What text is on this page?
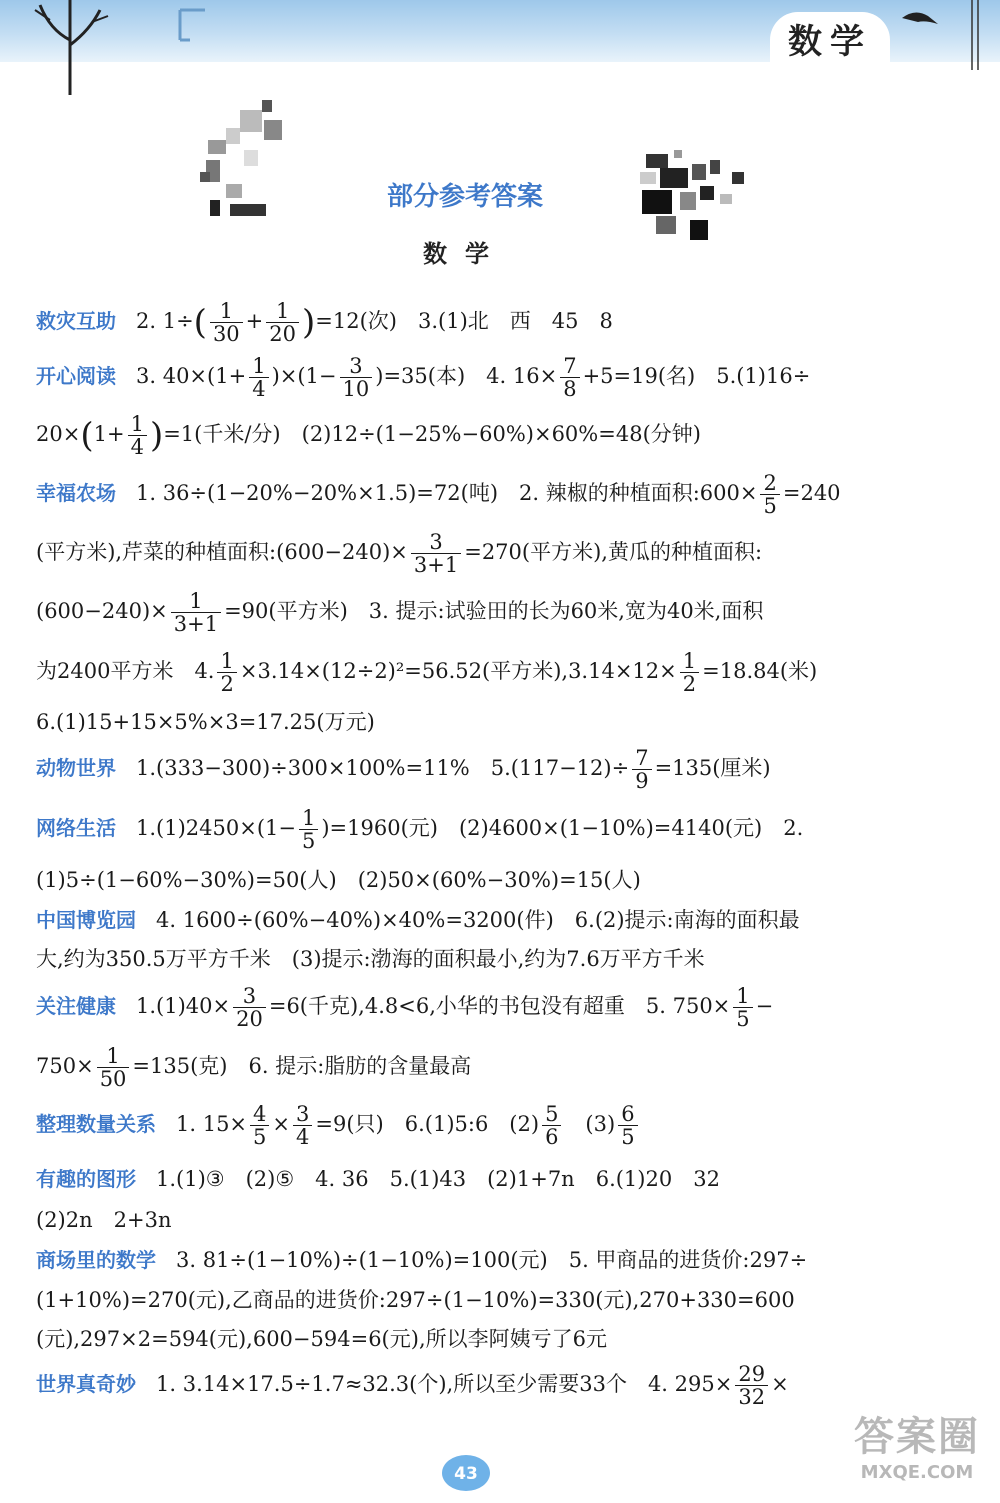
数学
部分参考答案
数学
救灾互助 2. $1\div( \frac{1}{30} + \frac{1}{20} )=12$(次)　3.(1)北　西　45　8
开心阅读 3. $40\times(1+ \frac{1}{4} )\times(1- \frac{3}{10} )=35$(本)　4. $16\times \frac{7}{8} +5=19$(名)　5.(1)16÷
$20\times(1+ \frac{1}{4} )=1$(千米/分)　(2)12÷(1−25%−60%)×60%=48(分钟)
幸福农场 1. 36÷(1−20%−20%×1.5)=72(吨)　2. 辣椒的种植面积:600× $\frac{2}{5} =240$
(平方米),芹菜的种植面积:(600−240)× $\frac{3}{3+1} =270$(平方米),黄瓜的种植面积:
$(600-240)\times \frac{1}{3+1} =90$(平方米)　3. 提示:试验田的长为60米,宽为40米,面积
为2400平方米　4. $\frac{1}{2} \times 3.14\times(12\div 2)^2=56.52$(平方米)$,3.14\times 12\times \frac{1}{2} =18.84$(米)
6.(1)15+15×5%×3=17.25(万元)
动物世界 1.(333−300)÷300×100%=11%　$5.(117-12)\div \frac{7}{9} =135$(厘米)
网络生活 $1.(1)2450\times(1- \frac{1}{5} )=1960$(元)　(2)4600×(1−10%)=4140(元)　2.
(1)5÷(1−60%−30%)=50(人)　(2)50×(60%−30%)=15(人)
中国博览园 4. 1600÷(60%−40%)×40%=3200(件)　6.(2)提示:南海的面积最
大,约为350.5万平方千米　(3)提示:渤海的面积最小,约为7.6万平方千米
关注健康 $1.(1)40\times \frac{3}{20} =6$(千克),4.8<6,小华的书包没有超重　5. $750\times \frac{1}{5}$ −
$750\times \frac{1}{50} =135$(克)　6. 提示:脂肪的含量最高
整理数量关系 1. $15\times \frac{4}{5} \times \frac{3}{4} =9$(只)　6.(1)5:6　$(2) \frac{5}{6}$ 　$(3) \frac{6}{5}$
有趣的图形 1.(1)③　(2)⑤　4. 36　5.(1)43　(2)1+7n　6.(1)20　32
(2)2n　2+3n
商场里的数学 3. 81÷(1−10%)÷(1−10%)=100(元)　5. 甲商品的进货价:297÷
(1+10%)=270(元),乙商品的进货价:297÷(1−10%)=330(元),270+330=600
(元),297×2=594(元),600−594=6(元),所以李阿姨亏了6元
世界真奇妙 1. 3.14×17.5÷1.7≈32.3(个),所以至少需要33个　4. $295\times \frac{29}{32}$ ×
43
答案圈
MXQE.COM
